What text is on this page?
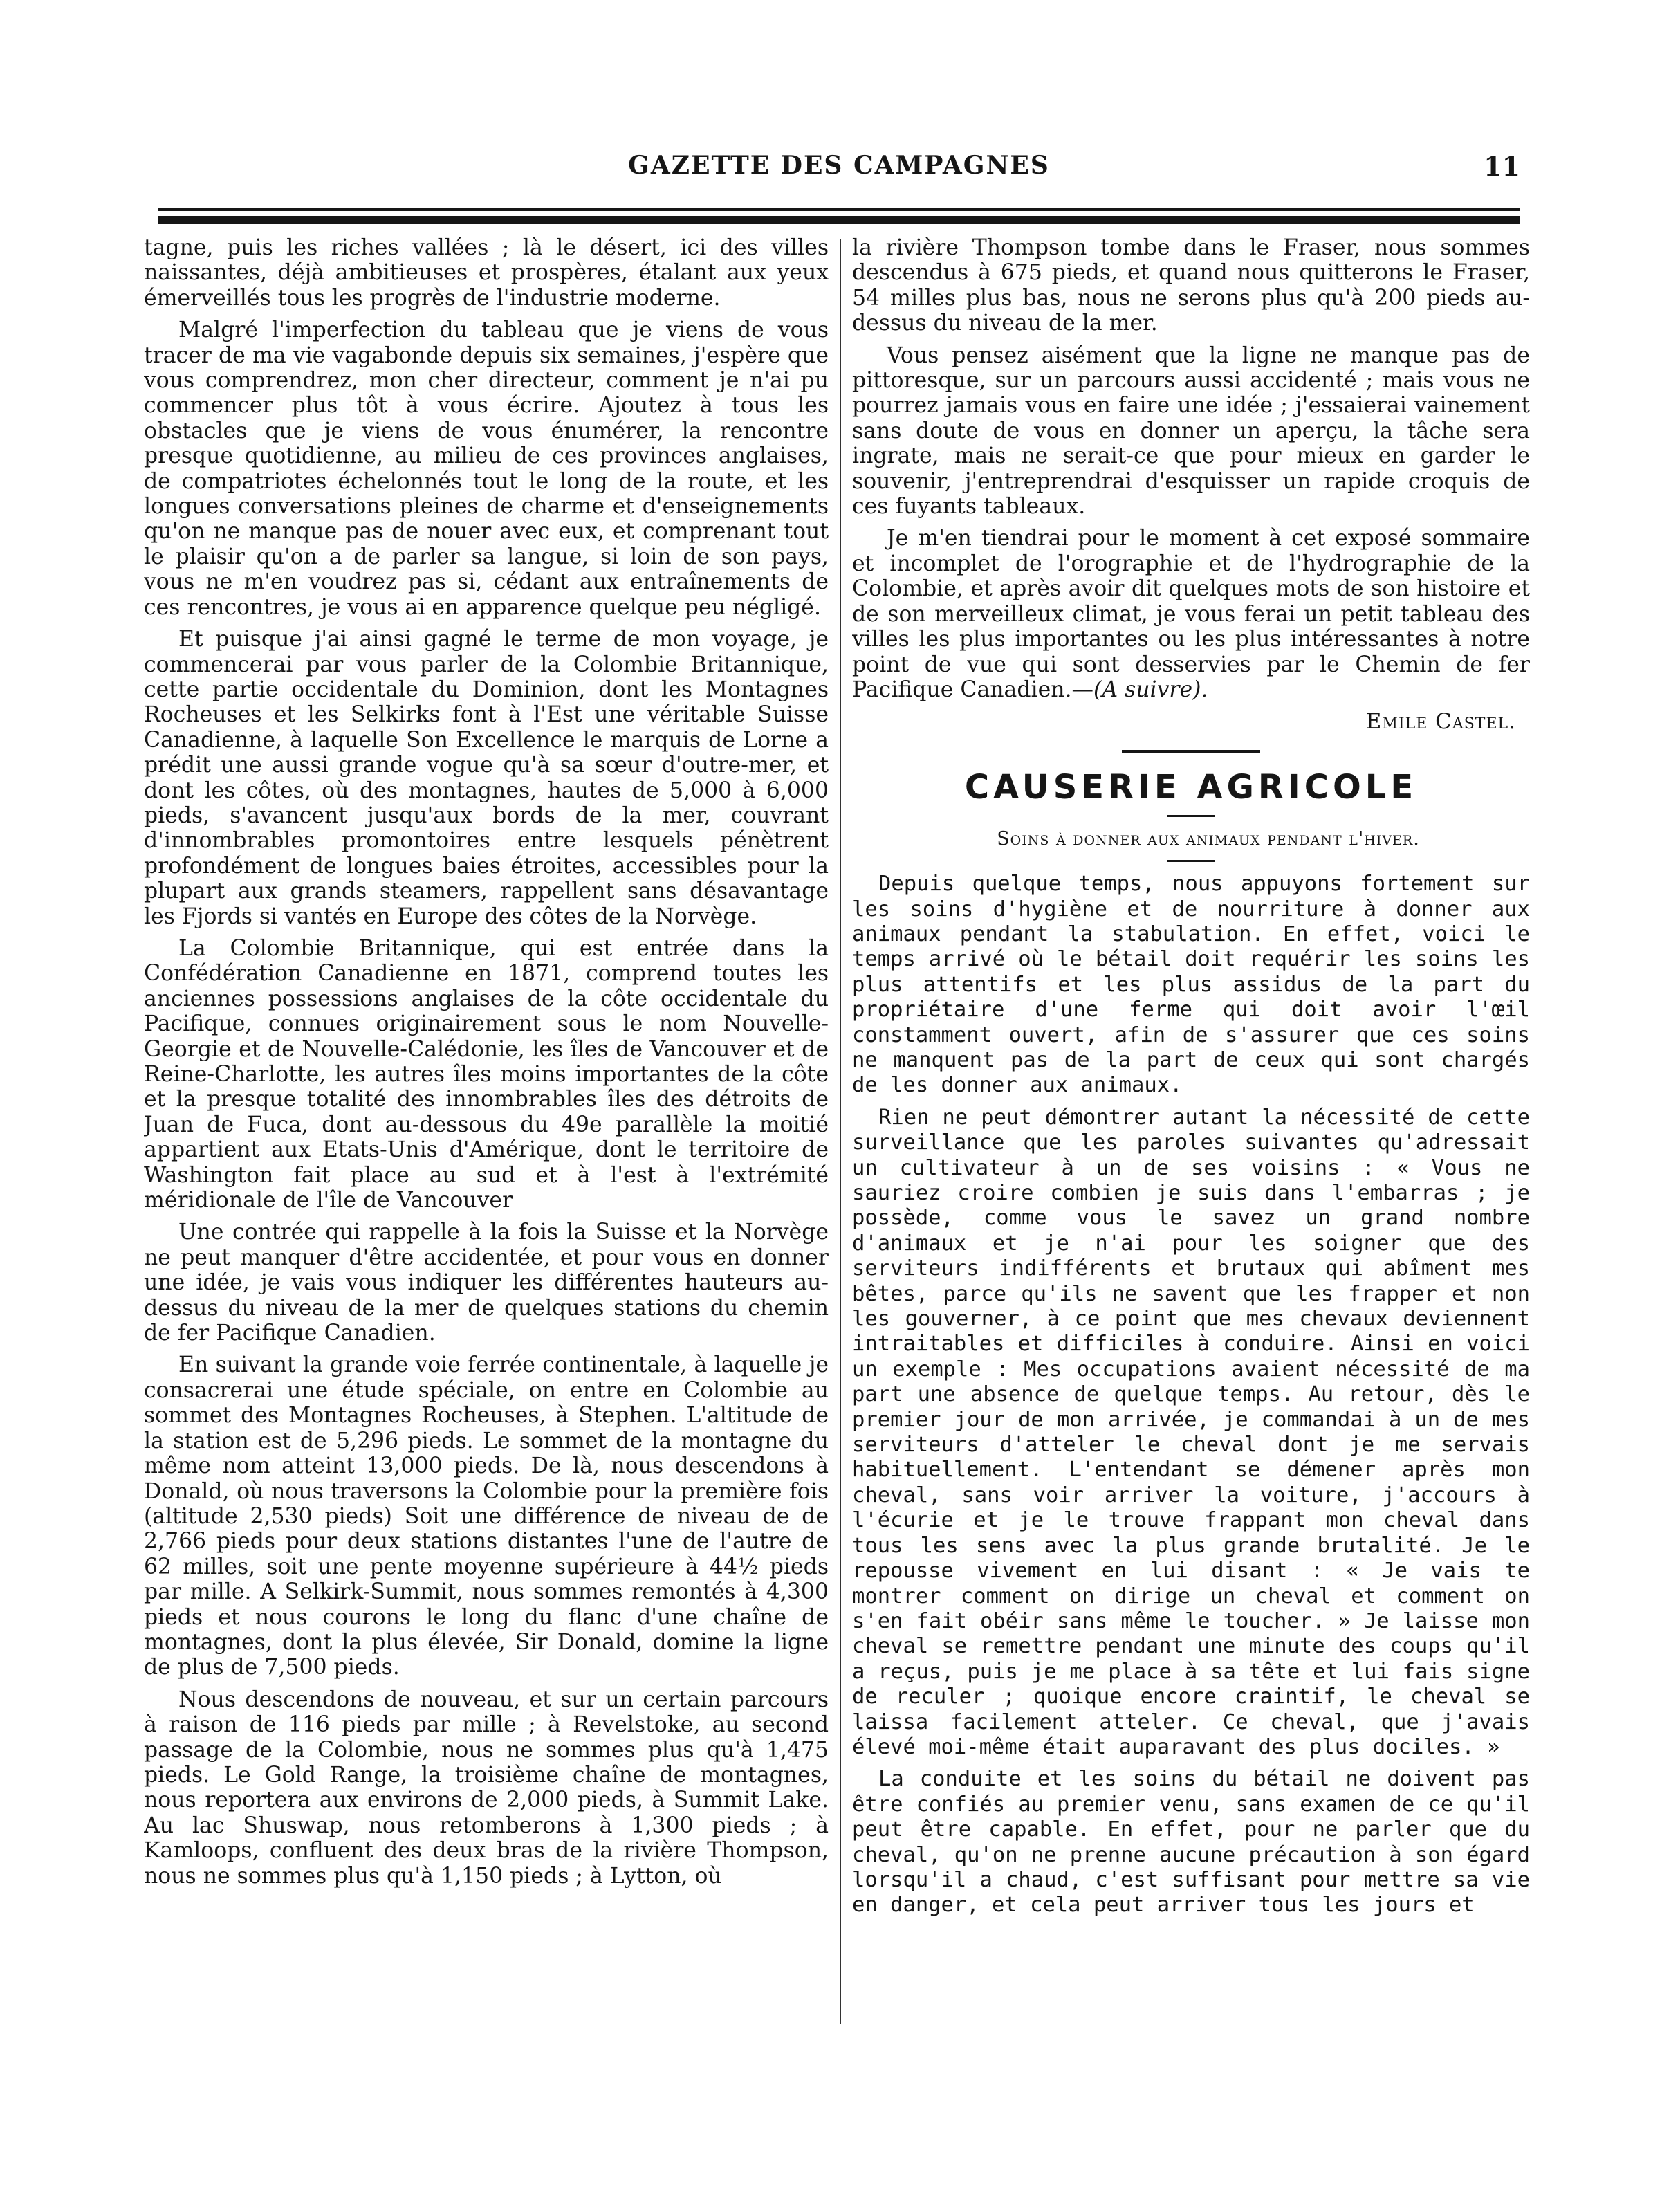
GAZETTE DES CAMPAGNES	11

tagne, puis les riches vallées ; là le désert, ici des villes naissantes, déjà ambitieuses et prospères, étalant aux yeux émerveillés tous les progrès de l'industrie moderne.

Malgré l'imperfection du tableau que je viens de vous tracer de ma vie vagabonde depuis six semaines, j'espère que vous comprendrez, mon cher directeur, comment je n'ai pu commencer plus tôt à vous écrire. Ajoutez à tous les obstacles que je viens de vous énumérer, la rencontre presque quotidienne, au milieu de ces provinces anglaises, de compatriotes échelonnés tout le long de la route, et les longues conversations pleines de charme et d'enseignements qu'on ne manque pas de nouer avec eux, et comprenant tout le plaisir qu'on a de parler sa langue, si loin de son pays, vous ne m'en voudrez pas si, cédant aux entraînements de ces rencontres, je vous ai en apparence quelque peu négligé.

Et puisque j'ai ainsi gagné le terme de mon voyage, je commencerai par vous parler de la Colombie Britannique, cette partie occidentale du Dominion, dont les Montagnes Rocheuses et les Selkirks font à l'Est une véritable Suisse Canadienne, à laquelle Son Excellence le marquis de Lorne a prédit une aussi grande vogue qu'à sa sœur d'outre-mer, et dont les côtes, où des montagnes, hautes de 5,000 à 6,000 pieds, s'avancent jusqu'aux bords de la mer, couvrant d'innombrables promontoires entre lesquels pénètrent profondément de longues baies étroites, accessibles pour la plupart aux grands steamers, rappellent sans désavantage les Fjords si vantés en Europe des côtes de la Norvège.

La Colombie Britannique, qui est entrée dans la Confédération Canadienne en 1871, comprend toutes les anciennes possessions anglaises de la côte occidentale du Pacifique, connues originairement sous le nom Nouvelle-Georgie et de Nouvelle-Calédonie, les îles de Vancouver et de Reine-Charlotte, les autres îles moins importantes de la côte et la presque totalité des innombrables îles des détroits de Juan de Fuca, dont au-dessous du 49e parallèle la moitié appartient aux Etats-Unis d'Amérique, dont le territoire de Washington fait place au sud et à l'est à l'extrémité méridionale de l'île de Vancouver

Une contrée qui rappelle à la fois la Suisse et la Norvège ne peut manquer d'être accidentée, et pour vous en donner une idée, je vais vous indiquer les différentes hauteurs au-dessus du niveau de la mer de quelques stations du chemin de fer Pacifique Canadien.

En suivant la grande voie ferrée continentale, à laquelle je consacrerai une étude spéciale, on entre en Colombie au sommet des Montagnes Rocheuses, à Stephen. L'altitude de la station est de 5,296 pieds. Le sommet de la montagne du même nom atteint 13,000 pieds. De là, nous descendons à Donald, où nous traversons la Colombie pour la première fois (altitude 2,530 pieds) Soit une différence de niveau de de 2,766 pieds pour deux stations distantes l'une de l'autre de 62 milles, soit une pente moyenne supérieure à 44½ pieds par mille. A Selkirk-Summit, nous sommes remontés à 4,300 pieds et nous courons le long du flanc d'une chaîne de montagnes, dont la plus élevée, Sir Donald, domine la ligne de plus de 7,500 pieds.

Nous descendons de nouveau, et sur un certain parcours à raison de 116 pieds par mille ; à Revelstoke, au second passage de la Colombie, nous ne sommes plus qu'à 1,475 pieds. Le Gold Range, la troisième chaîne de montagnes, nous reportera aux environs de 2,000 pieds, à Summit Lake. Au lac Shuswap, nous retomberons à 1,300 pieds ; à Kamloops, confluent des deux bras de la rivière Thompson, nous ne sommes plus qu'à 1,150 pieds ; à Lytton, où

la rivière Thompson tombe dans le Fraser, nous sommes descendus à 675 pieds, et quand nous quitterons le Fraser, 54 milles plus bas, nous ne serons plus qu'à 200 pieds au-dessus du niveau de la mer.

Vous pensez aisément que la ligne ne manque pas de pittoresque, sur un parcours aussi accidenté ; mais vous ne pourrez jamais vous en faire une idée ; j'essaierai vainement sans doute de vous en donner un aperçu, la tâche sera ingrate, mais ne serait-ce que pour mieux en garder le souvenir, j'entreprendrai d'esquisser un rapide croquis de ces fuyants tableaux.

Je m'en tiendrai pour le moment à cet exposé sommaire et incomplet de l'orographie et de l'hydrographie de la Colombie, et après avoir dit quelques mots de son histoire et de son merveilleux climat, je vous ferai un petit tableau des villes les plus importantes ou les plus intéressantes à notre point de vue qui sont desservies par le Chemin de fer Pacifique Canadien.—(A suivre).

Emile Castel.
CAUSERIE AGRICOLE

Soins à donner aux animaux pendant l'hiver.

Depuis quelque temps, nous appuyons fortement sur les soins d'hygiène et de nourriture à donner aux animaux pendant la stabulation. En effet, voici le temps arrivé où le bétail doit requérir les soins les plus attentifs et les plus assidus de la part du propriétaire d'une ferme qui doit avoir l'œil constamment ouvert, afin de s'assurer que ces soins ne manquent pas de la part de ceux qui sont chargés de les donner aux animaux.

Rien ne peut démontrer autant la nécessité de cette surveillance que les paroles suivantes qu'adressait un cultivateur à un de ses voisins : « Vous ne sauriez croire combien je suis dans l'embarras ; je possède, comme vous le savez un grand nombre d'animaux et je n'ai pour les soigner que des serviteurs indifférents et brutaux qui abîment mes bêtes, parce qu'ils ne savent que les frapper et non les gouverner, à ce point que mes chevaux deviennent intraitables et difficiles à conduire. Ainsi en voici un exemple : Mes occupations avaient nécessité de ma part une absence de quelque temps. Au retour, dès le premier jour de mon arrivée, je commandai à un de mes serviteurs d'atteler le cheval dont je me servais habituellement. L'entendant se démener après mon cheval, sans voir arriver la voiture, j'accours à l'écurie et je le trouve frappant mon cheval dans tous les sens avec la plus grande brutalité. Je le repousse vivement en lui disant : « Je vais te montrer comment on dirige un cheval et comment on s'en fait obéir sans même le toucher. » Je laisse mon cheval se remettre pendant une minute des coups qu'il a reçus, puis je me place à sa tête et lui fais signe de reculer ; quoique encore craintif, le cheval se laissa facilement atteler. Ce cheval, que j'avais élevé moi-même était auparavant des plus dociles. »

La conduite et les soins du bétail ne doivent pas être confiés au premier venu, sans examen de ce qu'il peut être capable. En effet, pour ne parler que du cheval, qu'on ne prenne aucune précaution à son égard lorsqu'il a chaud, c'est suffisant pour mettre sa vie en danger, et cela peut arriver tous les jours et
